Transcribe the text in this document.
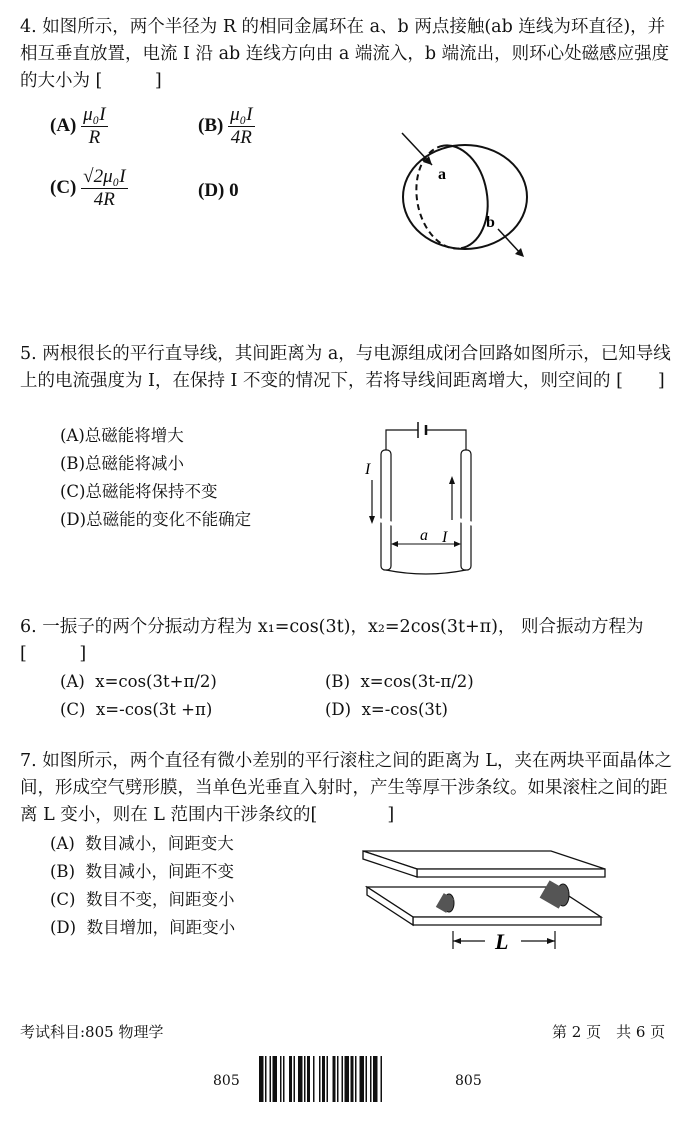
4. 如图所示，两个半径为 R 的相同金属环在 a、b 两点接触(ab 连线为环直径)，并相互垂直放置，电流 I 沿 ab 连线方向由 a 端流入，b 端流出，则环心处磁感应强度的大小为 [　　　]
$(A) \frac{\text{μ₀I}}{R}$	$(B) \frac{\text{μ₀I}}{4R}$
$(C) \frac{\text{√2μ₀I}}{4R}$	(D) 0
a
b
5. 两根很长的平行直导线，其间距离为 a，与电源组成闭合回路如图所示，已知导线上的电流强度为 I，在保持 I 不变的情况下，若将导线间距离增大，则空间的 [　　]
(A)总磁能将增大
(B)总磁能将减小
(C)总磁能将保持不变
(D)总磁能的变化不能确定
I
I
a
6. 一振子的两个分振动方程为 x₁=cos(3t)，x₂=2cos(3t+π)， 则合振动方程为 [　　　]
(A)  x=cos(3t+π/2)	(B)  x=cos(3t-π/2)
(C)  x=-cos(3t +π)	(D)  x=-cos(3t)
7. 如图所示，两个直径有微小差别的平行滚柱之间的距离为 L，夹在两块平面晶体之间，形成空气劈形膜，当单色光垂直入射时，产生等厚干涉条纹。如果滚柱之间的距离 L 变小，则在 L 范围内干涉条纹的[　　　　]
(A)  数目减小，间距变大
(B)  数目减小，间距不变
(C)  数目不变，间距变小
(D)  数目增加，间距变小
L
考试科目:805 物理学	第 2 页　共 6 页
805	805
